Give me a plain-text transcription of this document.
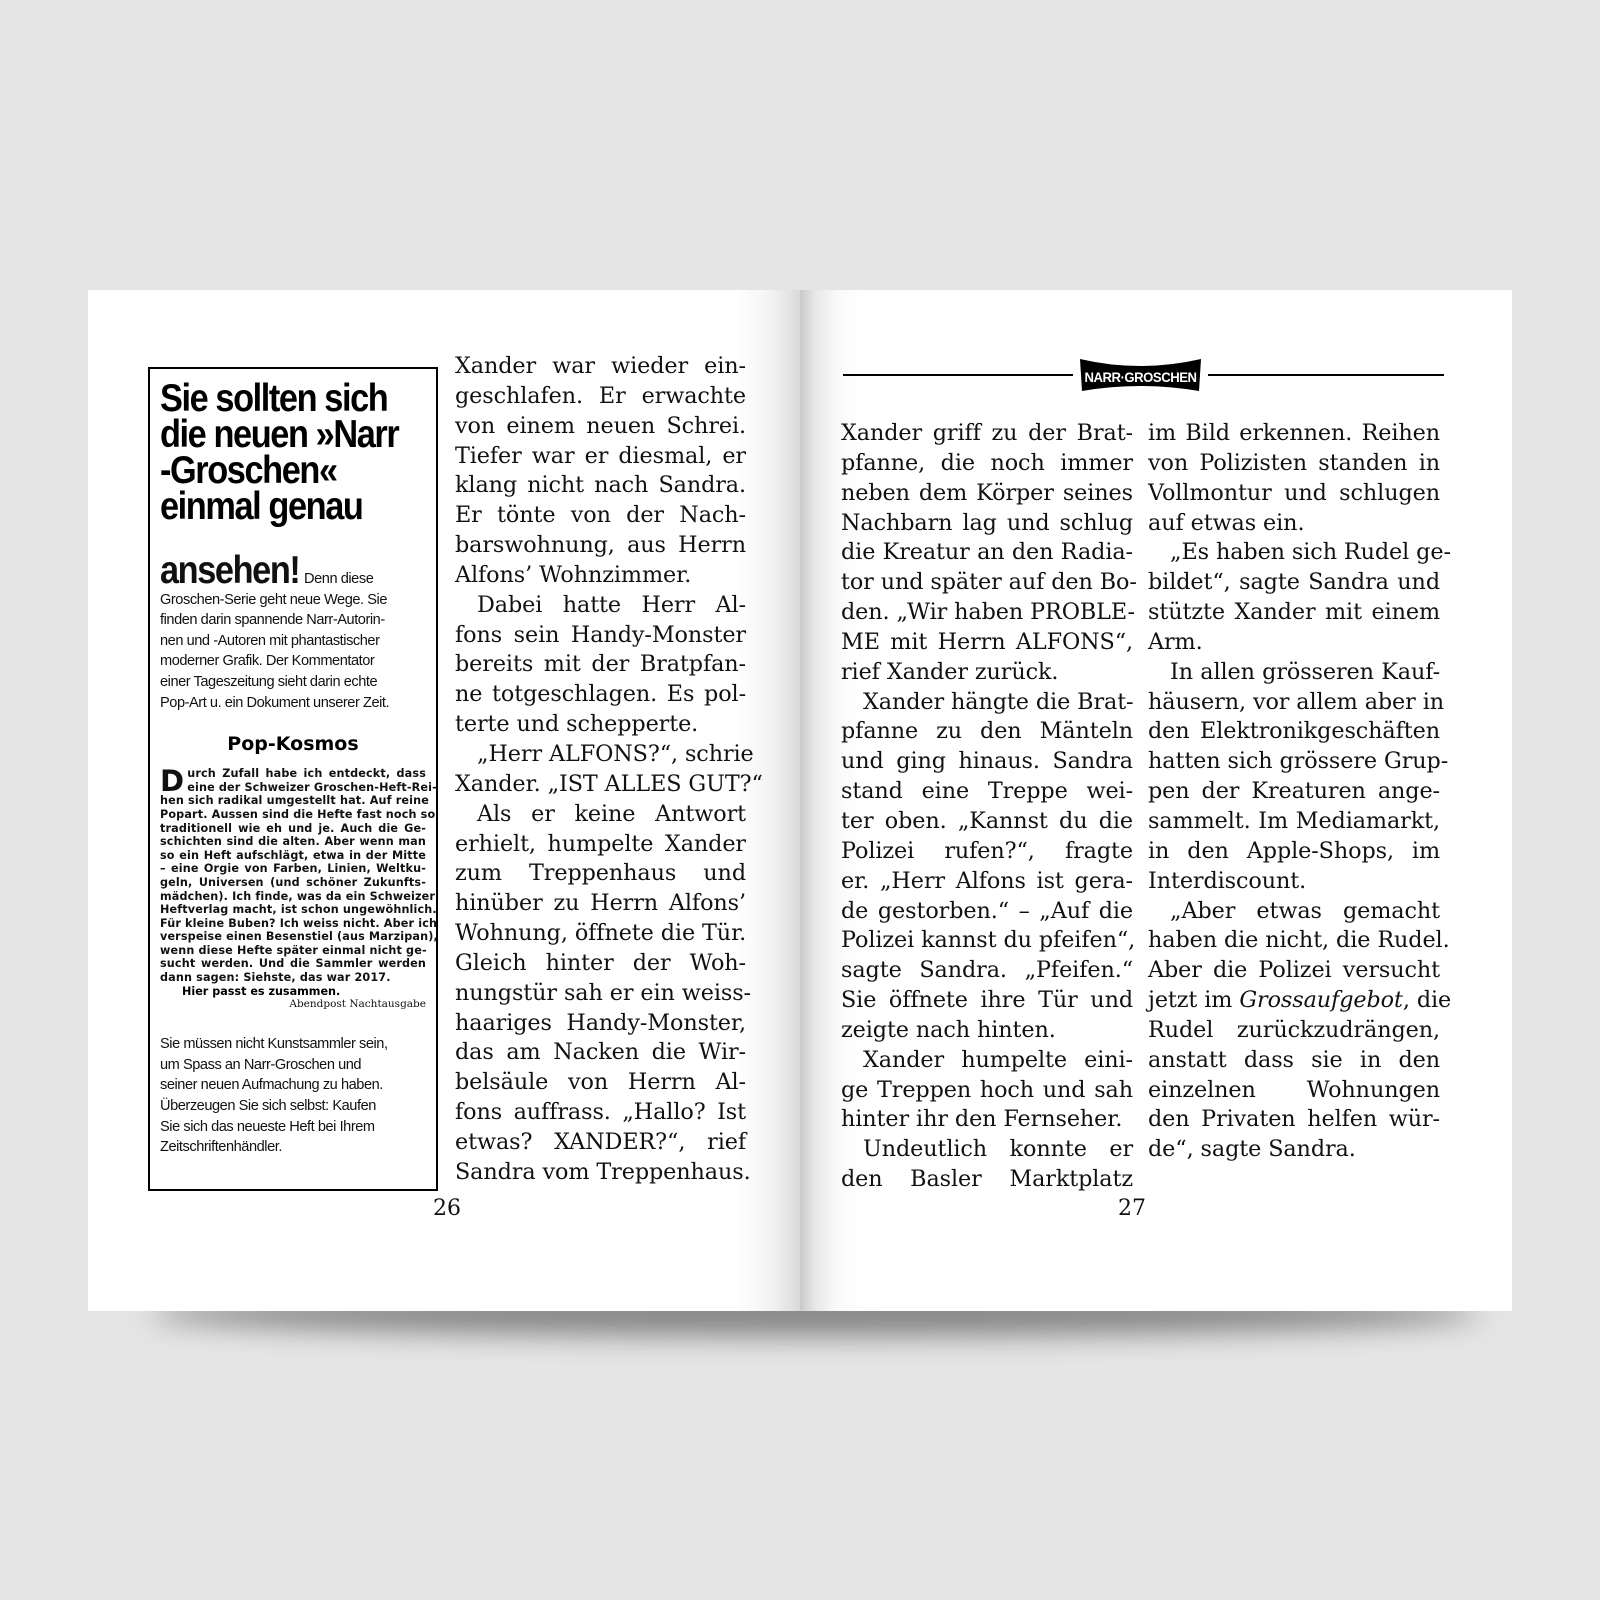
Sie sollten sich
die neuen »Narr
-Groschen«
einmal genau

ansehen! Denn diese
Groschen-Serie geht neue Wege. Sie
finden darin spannende Narr-Autorin-
nen und -Autoren mit phantastischer
moderner Grafik. Der Kommentator
einer Tageszeitung sieht darin echte
Pop-Art u. ein Dokument unserer Zeit.

Pop-Kosmos
D urch Zufall habe ich entdeckt, dass
eine der Schweizer Groschen-Heft-Rei-
hen sich radikal umgestellt hat. Auf reine
Popart. Aussen sind die Hefte fast noch so
traditionell wie eh und je. Auch die Ge-
schichten sind die alten. Aber wenn man
so ein Heft aufschlägt, etwa in der Mitte
– eine Orgie von Farben, Linien, Weltku-
geln, Universen (und schöner Zukunfts-
mädchen). Ich finde, was da ein Schweizer
Heftverlag macht, ist schon ungewöhnlich.
Für kleine Buben? Ich weiss nicht. Aber ich
verspeise einen Besenstiel (aus Marzipan),
wenn diese Hefte später einmal nicht ge-
sucht werden. Und die Sammler werden
dann sagen: Siehste, das war 2017.

Hier passt es zusammen.

Abendpost Nachtausgabe

Sie müssen nicht Kunstsammler sein,
um Spass an Narr-Groschen und
seiner neuen Aufmachung zu haben.
Überzeugen Sie sich selbst: Kaufen
Sie sich das neueste Heft bei Ihrem
Zeitschriftenhändler.

Xander war wieder ein-
geschlafen. Er erwachte
von einem neuen Schrei.
Tiefer war er diesmal, er
klang nicht nach Sandra.
Er tönte von der Nach-
barswohnung, aus Herrn
Alfons’ Wohnzimmer.
Dabei hatte Herr Al-
fons sein Handy-Monster
bereits mit der Bratpfan-
ne totgeschlagen. Es pol-
terte und schepperte.
„Herr ALFONS?“, schrie
Xander. „IST ALLES GUT?“
Als er keine Antwort
erhielt, humpelte Xander
zum Treppenhaus und
hinüber zu Herrn Alfons’
Wohnung, öffnete die Tür.
Gleich hinter der Woh-
nungstür sah er ein weiss-
haariges Handy-Monster,
das am Nacken die Wir-
belsäule von Herrn Al-
fons auffrass. „Hallo? Ist
etwas? XANDER?“, rief
Sandra vom Treppenhaus.
26
NARR·GROSCHEN
Xander griff zu der Brat-
pfanne, die noch immer
neben dem Körper seines
Nachbarn lag und schlug
die Kreatur an den Radia-
tor und später auf den Bo-
den. „Wir haben PROBLE-
ME mit Herrn ALFONS“,
rief Xander zurück.
Xander hängte die Brat-
pfanne zu den Mänteln
und ging hinaus. Sandra
stand eine Treppe wei-
ter oben. „Kannst du die
Polizei rufen?“, fragte
er. „Herr Alfons ist gera-
de gestorben.“ – „Auf die
Polizei kannst du pfeifen“,
sagte Sandra. „Pfeifen.“
Sie öffnete ihre Tür und
zeigte nach hinten.
Xander humpelte eini-
ge Treppen hoch und sah
hinter ihr den Fernseher.
Undeutlich konnte er
den Basler Marktplatz
im Bild erkennen. Reihen
von Polizisten standen in
Vollmontur und schlugen
auf etwas ein.
„Es haben sich Rudel ge-
bildet“, sagte Sandra und
stützte Xander mit einem
Arm.
In allen grösseren Kauf-
häusern, vor allem aber in
den Elektronikgeschäften
hatten sich grössere Grup-
pen der Kreaturen ange-
sammelt. Im Mediamarkt,
in den Apple-Shops, im
Interdiscount.
„Aber etwas gemacht
haben die nicht, die Rudel.
Aber die Polizei versucht
jetzt im Grossaufgebot, die
Rudel zurückzudrängen,
anstatt dass sie in den
einzelnen Wohnungen
den Privaten helfen wür-
de“, sagte Sandra.
27
